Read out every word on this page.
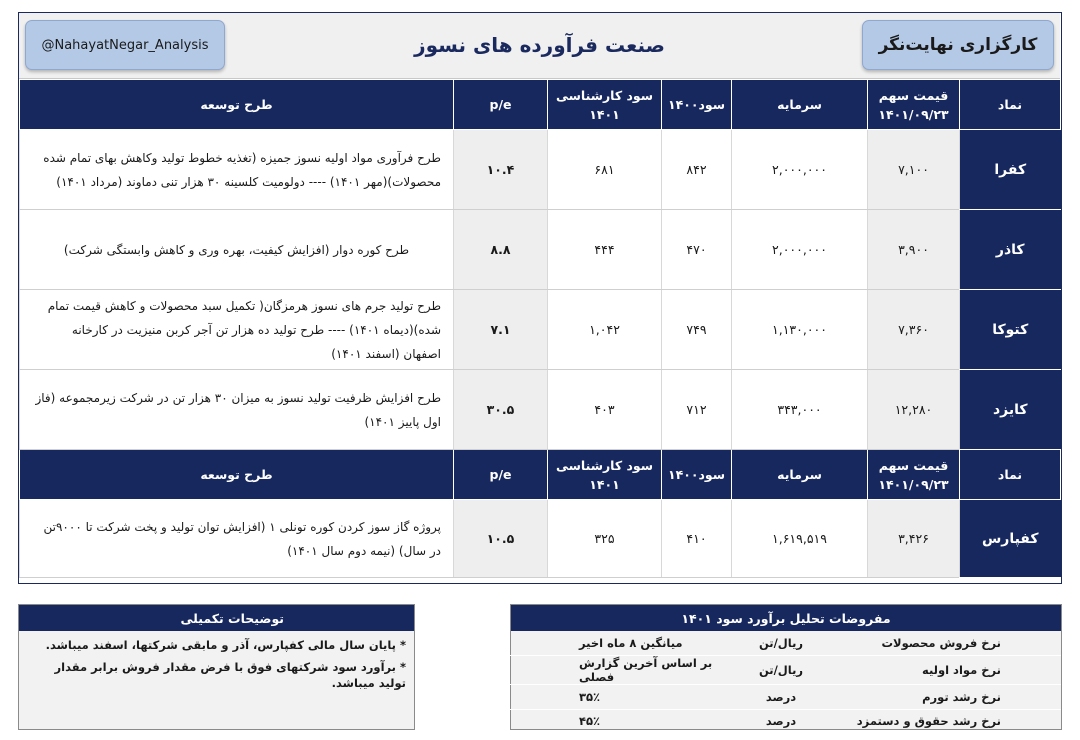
@NahayatNegar_Analysis	صنعت فرآورده های نسوز	کارگزاری نهایت‌نگر
نماد	قیمت سهم ۱۴۰۱/۰۹/۲۳	سرمایه	سود۱۴۰۰	سود کارشناسی ۱۴۰۱	p/e	طرح توسعه
کفرا	۷,۱۰۰	۲,۰۰۰,۰۰۰	۸۴۲	۶۸۱	۱۰.۴	طرح فرآوری مواد اولیه نسوز جمیزه (تغذیه خطوط تولید وکاهش بهای تمام شده محصولات)(مهر ۱۴۰۱) ---- دولومیت کلسینه ۳۰ هزار تنی دماوند (مرداد ۱۴۰۱)
کاذر	۳,۹۰۰	۲,۰۰۰,۰۰۰	۴۷۰	۴۴۴	۸.۸	طرح کوره دوار (افزایش کیفیت، بهره وری و کاهش وابستگی شرکت)
کتوکا	۷,۳۶۰	۱,۱۳۰,۰۰۰	۷۴۹	۱,۰۴۲	۷.۱	طرح تولید جرم های نسوز هرمزگان( تکمیل سبد محصولات و کاهش قیمت تمام شده)(دیماه ۱۴۰۱) ---- طرح تولید ده هزار تن آجر کربن منیزیت در کارخانه اصفهان (اسفند ۱۴۰۱)
کایزد	۱۲,۲۸۰	۳۴۳,۰۰۰	۷۱۲	۴۰۳	۳۰.۵	طرح افزایش ظرفیت تولید نسوز به میزان ۳۰ هزار تن در شرکت زیرمجموعه (فاز اول پاییز ۱۴۰۱)
نماد	قیمت سهم ۱۴۰۱/۰۹/۲۳	سرمایه	سود۱۴۰۰	سود کارشناسی ۱۴۰۱	p/e	طرح توسعه
کفپارس	۳,۴۲۶	۱,۶۱۹,۵۱۹	۴۱۰	۳۲۵	۱۰.۵	پروژه گاز سوز کردن کوره تونلی ۱ (افزایش توان تولید و پخت شرکت تا ۹۰۰۰تن در سال) (نیمه دوم سال ۱۴۰۱)
توضیحات تکمیلی
* پایان سال مالی کفپارس، آذر و مابقی شرکتها، اسفند میباشد.
* برآورد سود شرکتهای فوق با فرض مقدار فروش برابر مقدار تولید میباشد.
مفروضات تحلیل برآورد سود ۱۴۰۱
نرخ فروش محصولات	ریال/تن	میانگین ۸ ماه اخیر
نرخ مواد اولیه	ریال/تن	بر اساس آخرین گزارش فصلی
نرخ رشد تورم	درصد	۳۵٪
نرخ رشد حقوق و دستمزد	درصد	۴۵٪
